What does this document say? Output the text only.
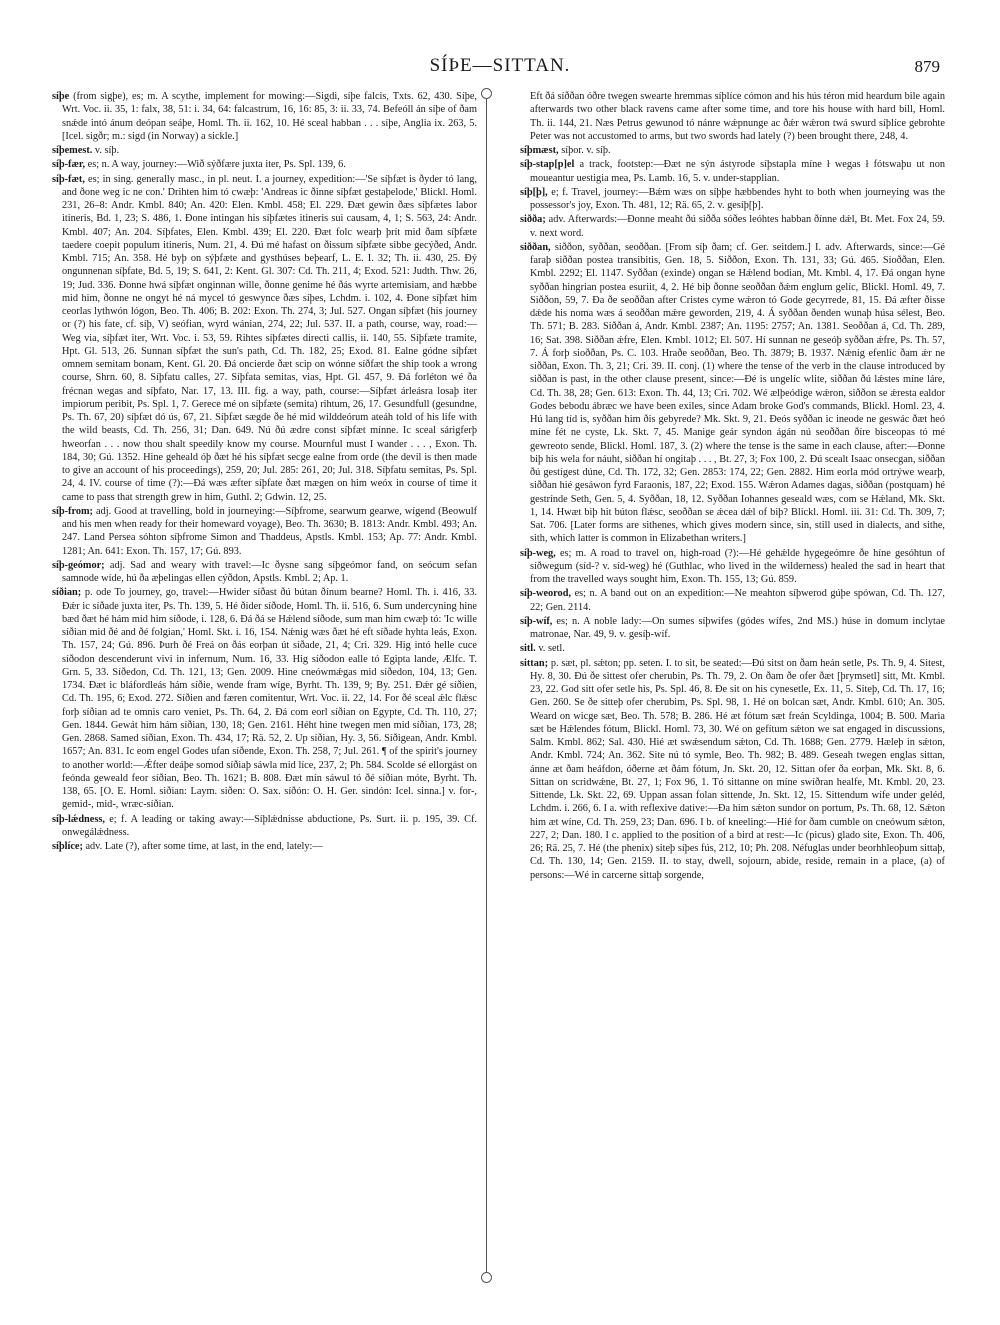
SÍÞE—SITTAN.	879

síþe (from sigþe), es; m. A scythe, implement for mowing:—Sigdi, síþe falcis, Txts. 62, 430. Síþe, Wrt. Voc. ii. 35, 1: falx, 38, 51: i. 34, 64: falcastrum, 16, 16: 85, 3: ii. 33, 74. Befeóll án síþe of ðam snǽde intó ánum deópan seáþe, Homl. Th. ii. 162, 10. Hé sceal habban . . . síþe, Anglia ix. 263, 5. [Icel. sigðr; m.: sigd (in Norway) a sickle.]

síþemest. v. síþ.

síþ-fær, es; n. A way, journey:—Wið sýðfære juxta iter, Ps. Spl. 139, 6.

síþ-fæt, es; in sing. generally masc., in pl. neut. I. a journey, expedition:—'Se síþfæt is ðyder tó lang, and ðone weg ic ne con.' Drihten him tó cwæþ: 'Andreas ic ðinne síþfæt gestaþelode,' Blickl. Homl. 231, 26–8: Andr. Kmbl. 840; An. 420: Elen. Kmbl. 458; El. 229. Ðæt gewin ðæs síþfætes labor itineris, Bd. 1, 23; S. 486, 1. Ðone intingan his síþfætes itineris sui causam, 4, 1; S. 563, 24: Andr. Kmbl. 407; An. 204. Síþfates, Elen. Kmbl. 439; El. 220. Ðæt folc wearþ þrít mid ðam síþfæte taedere coepit populum itineris, Num. 21, 4. Ðú mé hafast on ðissum síþfæte sibbe gecýðed, Andr. Kmbl. 715; An. 358. Hé byþ on sýþfæte and gysthúses beþearf, L. E. I. 32; Th. ii. 430, 25. Ðý ongunnenan síþfate, Bd. 5, 19; S. 641, 2: Kent. Gl. 307: Cd. Th. 211, 4; Exod. 521: Judth. Thw. 26, 19; Jud. 336. Ðonne hwá síþfæt onginnan wille, ðonne genime hé ðás wyrte artemisiam, and hæbbe mid him, ðonne ne ongyt hé ná mycel tó geswynce ðæs síþes, Lchdm. i. 102, 4. Ðone síþfæt him ceorlas lythwón lógon, Beo. Th. 406; B. 202: Exon. Th. 274, 3; Jul. 527. Ongan síþfæt (his journey or (?) his fate, cf. síþ, V) seófian, wyrd wánian, 274, 22; Jul. 537. II. a path, course, way, road:—Weg via, síþfæt iter, Wrt. Voc. i. 53, 59. Rihtes síþfætes directi callis, ii. 140, 55. Síþfæte tramite, Hpt. Gl. 513, 26. Sunnan síþfæt the sun's path, Cd. Th. 182, 25; Exod. 81. Ealne gódne síþfæt omnem semitam bonam, Kent. Gl. 20. Ðá oncierde ðæt scip on wónne síðfæt the ship took a wrong course, Shrn. 60, 8. Síþfatu calles, 27. Síþfata semitas, vias, Hpt. Gl. 457, 9. Ðá forléton wé ða frécnan wegas and síþfato, Nar. 17, 13. III. fig. a way, path, course:—Síþfæt árleásra losaþ iter impiorum peribit, Ps. Spl. 1, 7. Gerece mé on síþfæte (semita) rihtum, 26, 17. Gesundfull (gesundne, Ps. Th. 67, 20) síþfæt dó ús, 67, 21. Síþfæt sægde ðe hé mid wilddeórum ateáh told of his life with the wild beasts, Cd. Th. 256, 31; Dan. 649. Nú ðú ædre const síþfæt mínne. Ic sceal sárigferþ hweorfan . . . now thou shalt speedily know my course. Mournful must I wander . . . , Exon. Th. 184, 30; Gú. 1352. Hine geheald óþ ðæt hé his síþfæt secge ealne from orde (the devil is then made to give an account of his proceedings), 259, 20; Jul. 285: 261, 20; Jul. 318. Síþfatu semitas, Ps. Spl. 24, 4. IV. course of time (?):—Ðá wæs æfter síþfate ðæt mægen on him weóx in course of time it came to pass that strength grew in him, Guthl. 2; Gdwin. 12, 25.

síþ-from; adj. Good at travelling, bold in journeying:—Síþfrome, searwum gearwe, wígend (Beowulf and his men when ready for their homeward voyage), Beo. Th. 3630; B. 1813: Andr. Kmbl. 493; An. 247. Land Persea sóhton síþfrome Simon and Thaddeus, Apstls. Kmbl. 153; Ap. 77: Andr. Kmbl. 1281; An. 641: Exon. Th. 157, 17; Gú. 893.

síþ-geómor; adj. Sad and weary with travel:—Ic ðysne sang síþgeómor fand, on seócum sefan samnode wíde, hú ða æþelingas ellen cýðdon, Apstls. Kmbl. 2; Ap. 1.

síðian; p. ode To journey, go, travel:—Hwider síðast ðú bútan ðínum bearne? Homl. Th. i. 416, 33. Ðǽr ic síðade juxta iter, Ps. Th. 139, 5. Hé ðider síðode, Homl. Th. ii. 516, 6. Sum undercyning hine bæd ðæt hé hám mid him síðode, i. 128, 6. Ðá ðá se Hǽlend síðode, sum man him cwæþ tó: 'Ic wille síðian mid ðé and ðé folgian,' Homl. Skt. i. 16, 154. Nǽnig wæs ðæt hé eft síðade hyhta leás, Exon. Th. 157, 24; Gú. 896. Þurh ðé Freá on ðás eorþan út síðade, 21, 4; Cri. 329. Hig intó helle cuce síðodon descenderunt vivi in infernum, Num. 16, 33. Hig síðodon ealle tó Egipta lande, Ælfc. T. Grn. 5, 33. Síðedon, Cd. Th. 121, 13; Gen. 2009. Hine cneówmǽgas mid síðedon, 104, 13; Gen. 1734. Ðæt ic bláfordleás hám síðie, wende fram wíge, Byrht. Th. 139, 9; By. 251. Ðǽr gé síðien, Cd. Th. 195, 6; Exod. 272. Síðien and færen comitentur, Wrt. Voc. ii. 22, 14. For ðé sceal ǽlc flǽsc forþ síðian ad te omnis caro veniet, Ps. Th. 64, 2. Ðá com eorl síðian on Egypte, Cd. Th. 110, 27; Gen. 1844. Gewát him hám síðian, 130, 18; Gen. 2161. Héht hine twegen men mid síðian, 173, 28; Gen. 2868. Samed síðian, Exon. Th. 434, 17; Rä. 52, 2. Up síðian, Hy. 3, 56. Síðigean, Andr. Kmbl. 1657; An. 831. Ic eom engel Godes ufan síðende, Exon. Th. 258, 7; Jul. 261. ¶ of the spirit's journey to another world:—Ǽfter deáþe somod síðiaþ sáwla mid líce, 237, 2; Ph. 584. Scolde sé ellorgást on feónda geweald feor síðian, Beo. Th. 1621; B. 808. Ðæt mín sáwul tó ðé síðian móte, Byrht. Th. 138, 65. [O. E. Homl. siðian: Laym. siðen: O. Sax. síðón: O. H. Ger. sindón: Icel. sinna.] v. for-, gemid-, mid-, wræc-síðian.

síþ-lǽdness, e; f. A leading or taking away:—Síþlǽdnisse abductione, Ps. Surt. ii. p. 195, 39. Cf. onwegálǽdness.

síþlíce; adv. Late (?), after some time, at last, in the end, lately:—

Eft ðá síððan óðre twegen swearte hremmas síþlíce cómon and his hús téron mid heardum bile again afterwards two other black ravens came after some time, and tore his house with hard bill, Homl. Th. ii. 144, 21. Næs Petrus gewunod tó nánre wǽpnunge ac ðǽr wǽron twá swurd síþlíce gebrohte Peter was not accustomed to arms, but two swords had lately (?) been brought there, 248, 4.

síþmæst, síþor. v. síþ.

síþ-stap[p]el a track, footstep:—Ðæt ne sýn ástyrode síþstapla míne ł wegas ł fótswaþu ut non moueantur uestigia mea, Ps. Lamb. 16, 5. v. under-stapplian.

síþ[þ], e; f. Travel, journey:—Bǽm wæs on síþþe hæbbendes hyht to both when journeying was the possessor's joy, Exon. Th. 481, 12; Rä. 65, 2. v. gesíþ[þ].

siððа; adv. Afterwards:—Ðonne meaht ðú siðða sóðes leóhtes habban ðínne dǽl, Bt. Met. Fox 24, 59. v. next word.

siððan, siððon, syððan, seoððan. [From síþ ðam; cf. Ger. seitdem.] I. adv. Afterwards, since:—Gé faraþ siððan postea transibitis, Gen. 18, 5. Siððon, Exon. Th. 131, 33; Gú. 465. Sioððan, Elen. Kmbl. 2292; El. 1147. Syððan (exinde) ongan se Hǽlend bodian, Mt. Kmbl. 4, 17. Ðá ongan hyne syððan hingrian postea esuriit, 4, 2. Hé biþ ðonne seoððan ðǽm englum gelíc, Blickl. Homl. 49, 7. Siððon, 59, 7. Ða ðe seoððan after Cristes cyme wǽron tó Gode gecyrrede, 81, 15. Ðá æfter ðisse dǽde his noma wæs á seoððan mǽre geworden, 219, 4. Á syððan ðenden wunaþ húsa sélest, Beo. Th. 571; B. 283. Siððan á, Andr. Kmbl. 2387; An. 1195: 2757; An. 1381. Seoððan á, Cd. Th. 289, 16; Sat. 398. Siððan ǽfre, Elen. Kmbl. 1012; El. 507. Hí sunnan ne geseóþ syððan ǽfre, Ps. Th. 57, 7. Á forþ sioððan, Ps. C. 103. Hraðe seoððan, Beo. Th. 3879; B. 1937. Nǽnig efenlíc ðam ǽr ne siððan, Exon. Th. 3, 21; Cri. 39. II. conj. (1) where the tense of the verb in the clause introduced by siððan is past, in the other clause present, since:—Ðé is ungelíc wlite, siððan ðú lǽstes míne láre, Cd. Th. 38, 28; Gen. 613: Exon. Th. 44, 13; Cri. 702. Wé ælþeódige wǽron, siððon se ǽresta ealdor Godes bebodu ábræc we have been exiles, since Adam broke God's commands, Blickl. Homl. 23, 4. Hú lang tíd is, syððan him ðis gebyrede? Mk. Skt. 9, 21. Ðeós syððan ic ineode ne geswác ðæt heó míne fét ne cyste, Lk. Skt. 7, 45. Manige geár syndon ágán nú seoððan ðíre bisceopas tó mé gewreoto sende, Blickl. Homl. 187, 3. (2) where the tense is the same in each clause, after:—Ðonne biþ his wela for náuht, siððan hí ongitaþ . . . , Bt. 27, 3; Fox 100, 2. Ðú scealt Isaac onsecgan, siððan ðú gestígest dúne, Cd. Th. 172, 32; Gen. 2853: 174, 22; Gen. 2882. Him eorla mód ortrýwe wearþ, siððan hié gesáwon fyrd Faraonis, 187, 22; Exod. 155. Wǽron Adames dagas, siððan (postquam) hé gestrínde Seth, Gen. 5, 4. Syððan, 18, 12. Syððan Iohannes geseald wæs, com se Hǽland, Mk. Skt. 1, 14. Hwæt biþ hit búton flǽsc, seoððan se ǽcea dǽl of biþ? Blickl. Homl. iii. 31: Cd. Th. 309, 7; Sat. 706. [Later forms are sithenes, which gives modern since, sin, still used in dialects, and sithe, sith, which latter is common in Elizabethan writers.]

síþ-weg, es; m. A road to travel on, high-road (?):—Hé gehǽlde hygegeómre ðe híne gesóhtun of síðwegum (síd-? v. síd-weg) hé (Guthlac, who lived in the wilderness) healed the sad in heart that from the travelled ways sought him, Exon. Th. 155, 13; Gú. 859.

síþ-weorod, es; n. A band out on an expedition:—Ne meahton síþwerod gúþe spówan, Cd. Th. 127, 22; Gen. 2114.

síþ-wíf, es; n. A noble lady:—On sumes síþwífes (gódes wífes, 2nd MS.) húse in domum inclytae matronae, Nar. 49, 9. v. gesíþ-wíf.

sitl. v. setl.

sittan; p. sæt, pl. sǽton; pp. seten. I. to sit, be seated:—Ðú sitst on ðam heán setle, Ps. Th. 9, 4. Sitest, Hy. 8, 30. Ðú ðe sittest ofer cherubin, Ps. Th. 79, 2. On ðam ðe ofer ðæt [þrymsetl] sitt, Mt. Kmbl. 23, 22. God sitt ofer setle his, Ps. Spl. 46, 8. Ðe sit on his cynesetle, Ex. 11, 5. Siteþ, Cd. Th. 17, 16; Gen. 260. Se ðe sitteþ ofer cherubim, Ps. Spl. 98, 1. Hé on bolcan sæt, Andr. Kmbl. 610; An. 305. Weard on wicge sæt, Beo. Th. 578; B. 286. Hé æt fótum sæt freán Scyldinga, 1004; B. 500. Maria sæt be Hǽlendes fótum, Blickl. Homl. 73, 30. Wé on gefítum sǽton we sat engaged in discussions, Salm. Kmbl. 862; Sal. 430. Hié æt swǽsendum sǽton, Cd. Th. 1688; Gen. 2779. Hæleþ in sǽton, Andr. Kmbl. 724; An. 362. Site nú tó symle, Beo. Th. 982; B. 489. Geseah twegen englas sittan, ánne æt ðam heáfdon, óðerne æt ðám fótum, Jn. Skt. 20, 12. Sittan ofer ða eorþan, Mk. Skt. 8, 6. Sittan on scridwǽne, Bt. 27, 1; Fox 96, 1. Tó sittanne on míne swíðran healfe, Mt. Kmbl. 20, 23. Sittende, Lk. Skt. 22, 69. Uppan assan folan sittende, Jn. Skt. 12, 15. Sittendum wífe under geléd, Lchdm. i. 266, 6. I a. with reflexive dative:—Ða him sǽton sundor on portum, Ps. Th. 68, 12. Sǽton him æt wíne, Cd. Th. 259, 23; Dan. 696. I b. of kneeling:—Hié for ðam cumble on cneówum sǽton, 227, 2; Dan. 180. I c. applied to the position of a bird at rest:—Ic (picus) glado site, Exon. Th. 406, 26; Rä. 25, 7. Hé (the phenix) siteþ síþes fús, 212, 10; Ph. 208. Néfuglas under beorhhleoþum sittaþ, Cd. Th. 130, 14; Gen. 2159. II. to stay, dwell, sojourn, abide, reside, remain in a place, (a) of persons:—Wé in carcerne sittaþ sorgende,
